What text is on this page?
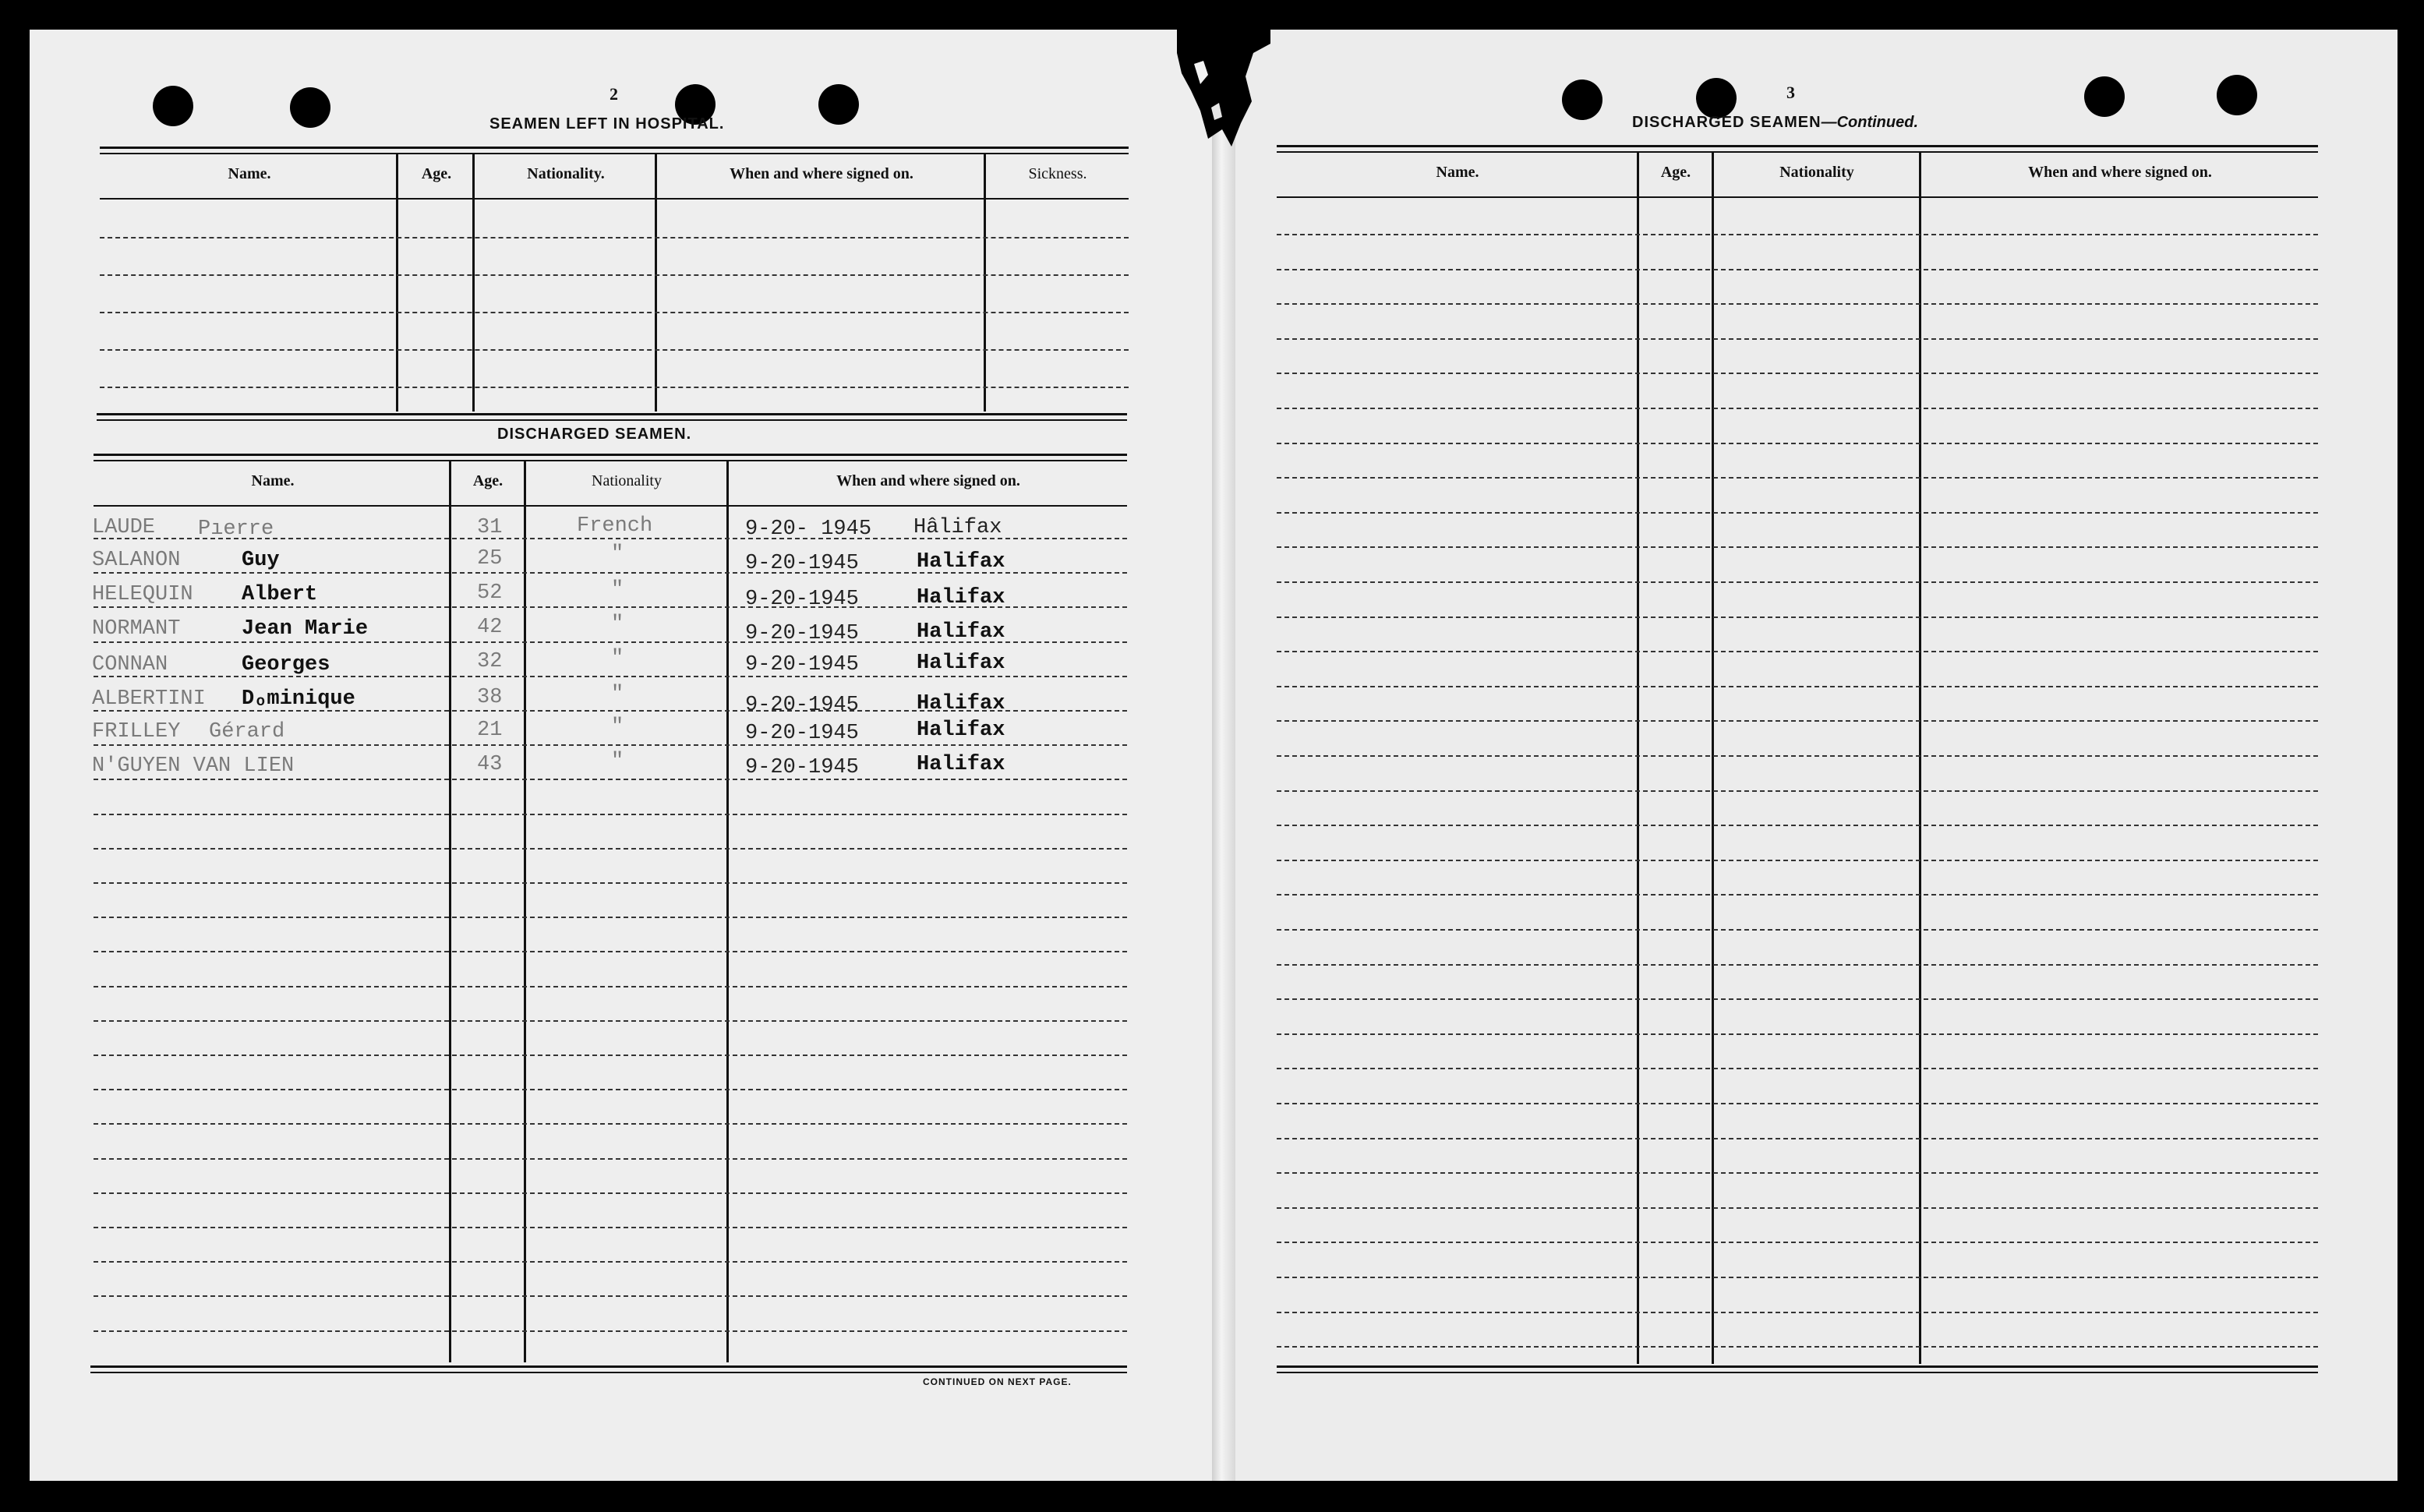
2
SEAMEN LEFT IN HOSPITAL.
Name.	Age.	Nationality.	When and where signed on.	Sickness.
DISCHARGED SEAMEN.
Name.	Age.	Nationality	When and where signed on.
LAUDE Pıerre	31	French	9-20- 1945 Hâlifax
SALANON	Guy	25	"	9-20-1945	Halifax
HELEQUIN Albert	52	"	9-20-1945	Halifax
NORMANT	Jean Marie	42	"	9-20-1945	Halifax
CONNAN	Georges	32	"	9-20-1945	Halifax
ALBERTINI Dₒminique	38	"	9-20-1945	Halifax
FRILLEY Gérard	21	"	9-20-1945	Halifax
N'GUYEN VAN LIEN	43	"	9-20-1945	Halifax
CONTINUED ON NEXT PAGE.
3
DISCHARGED SEAMEN—Continued.
Name.	Age.	Nationality	When and where signed on.
